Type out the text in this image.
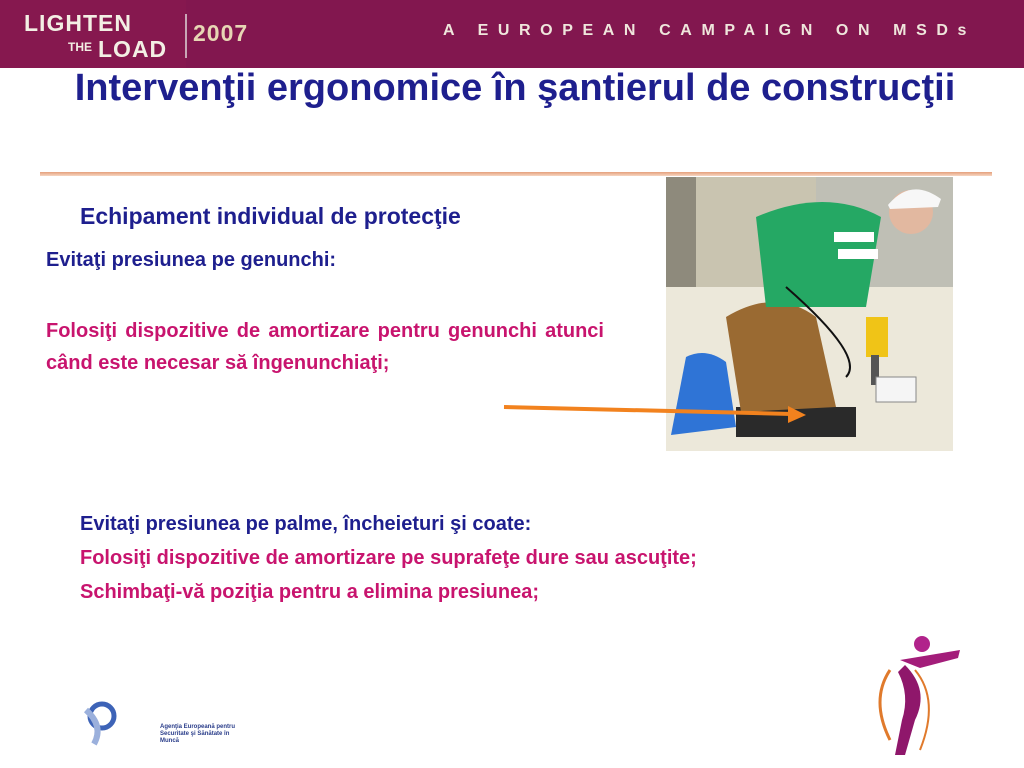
LIGHTEN
THE LOAD
2007	A EUROPEAN CAMPAIGN ON MSDs
Intervenţii ergonomice în şantierul de construcţii
Echipament individual de protecţie
Evitaţi presiunea pe genunchi:

Folosiţi dispozitive de amortizare pentru genunchi atunci când este necesar să îngenunchiaţi;

Evitaţi presiunea pe palme, încheieturi şi coate:
Folosiţi dispozitive de amortizare pe suprafeţe dure sau ascuţite;
Schimbaţi-vă poziţia pentru a elimina presiunea;
Agenţia Europeană pentru Securitate şi Sănătate în Muncă
